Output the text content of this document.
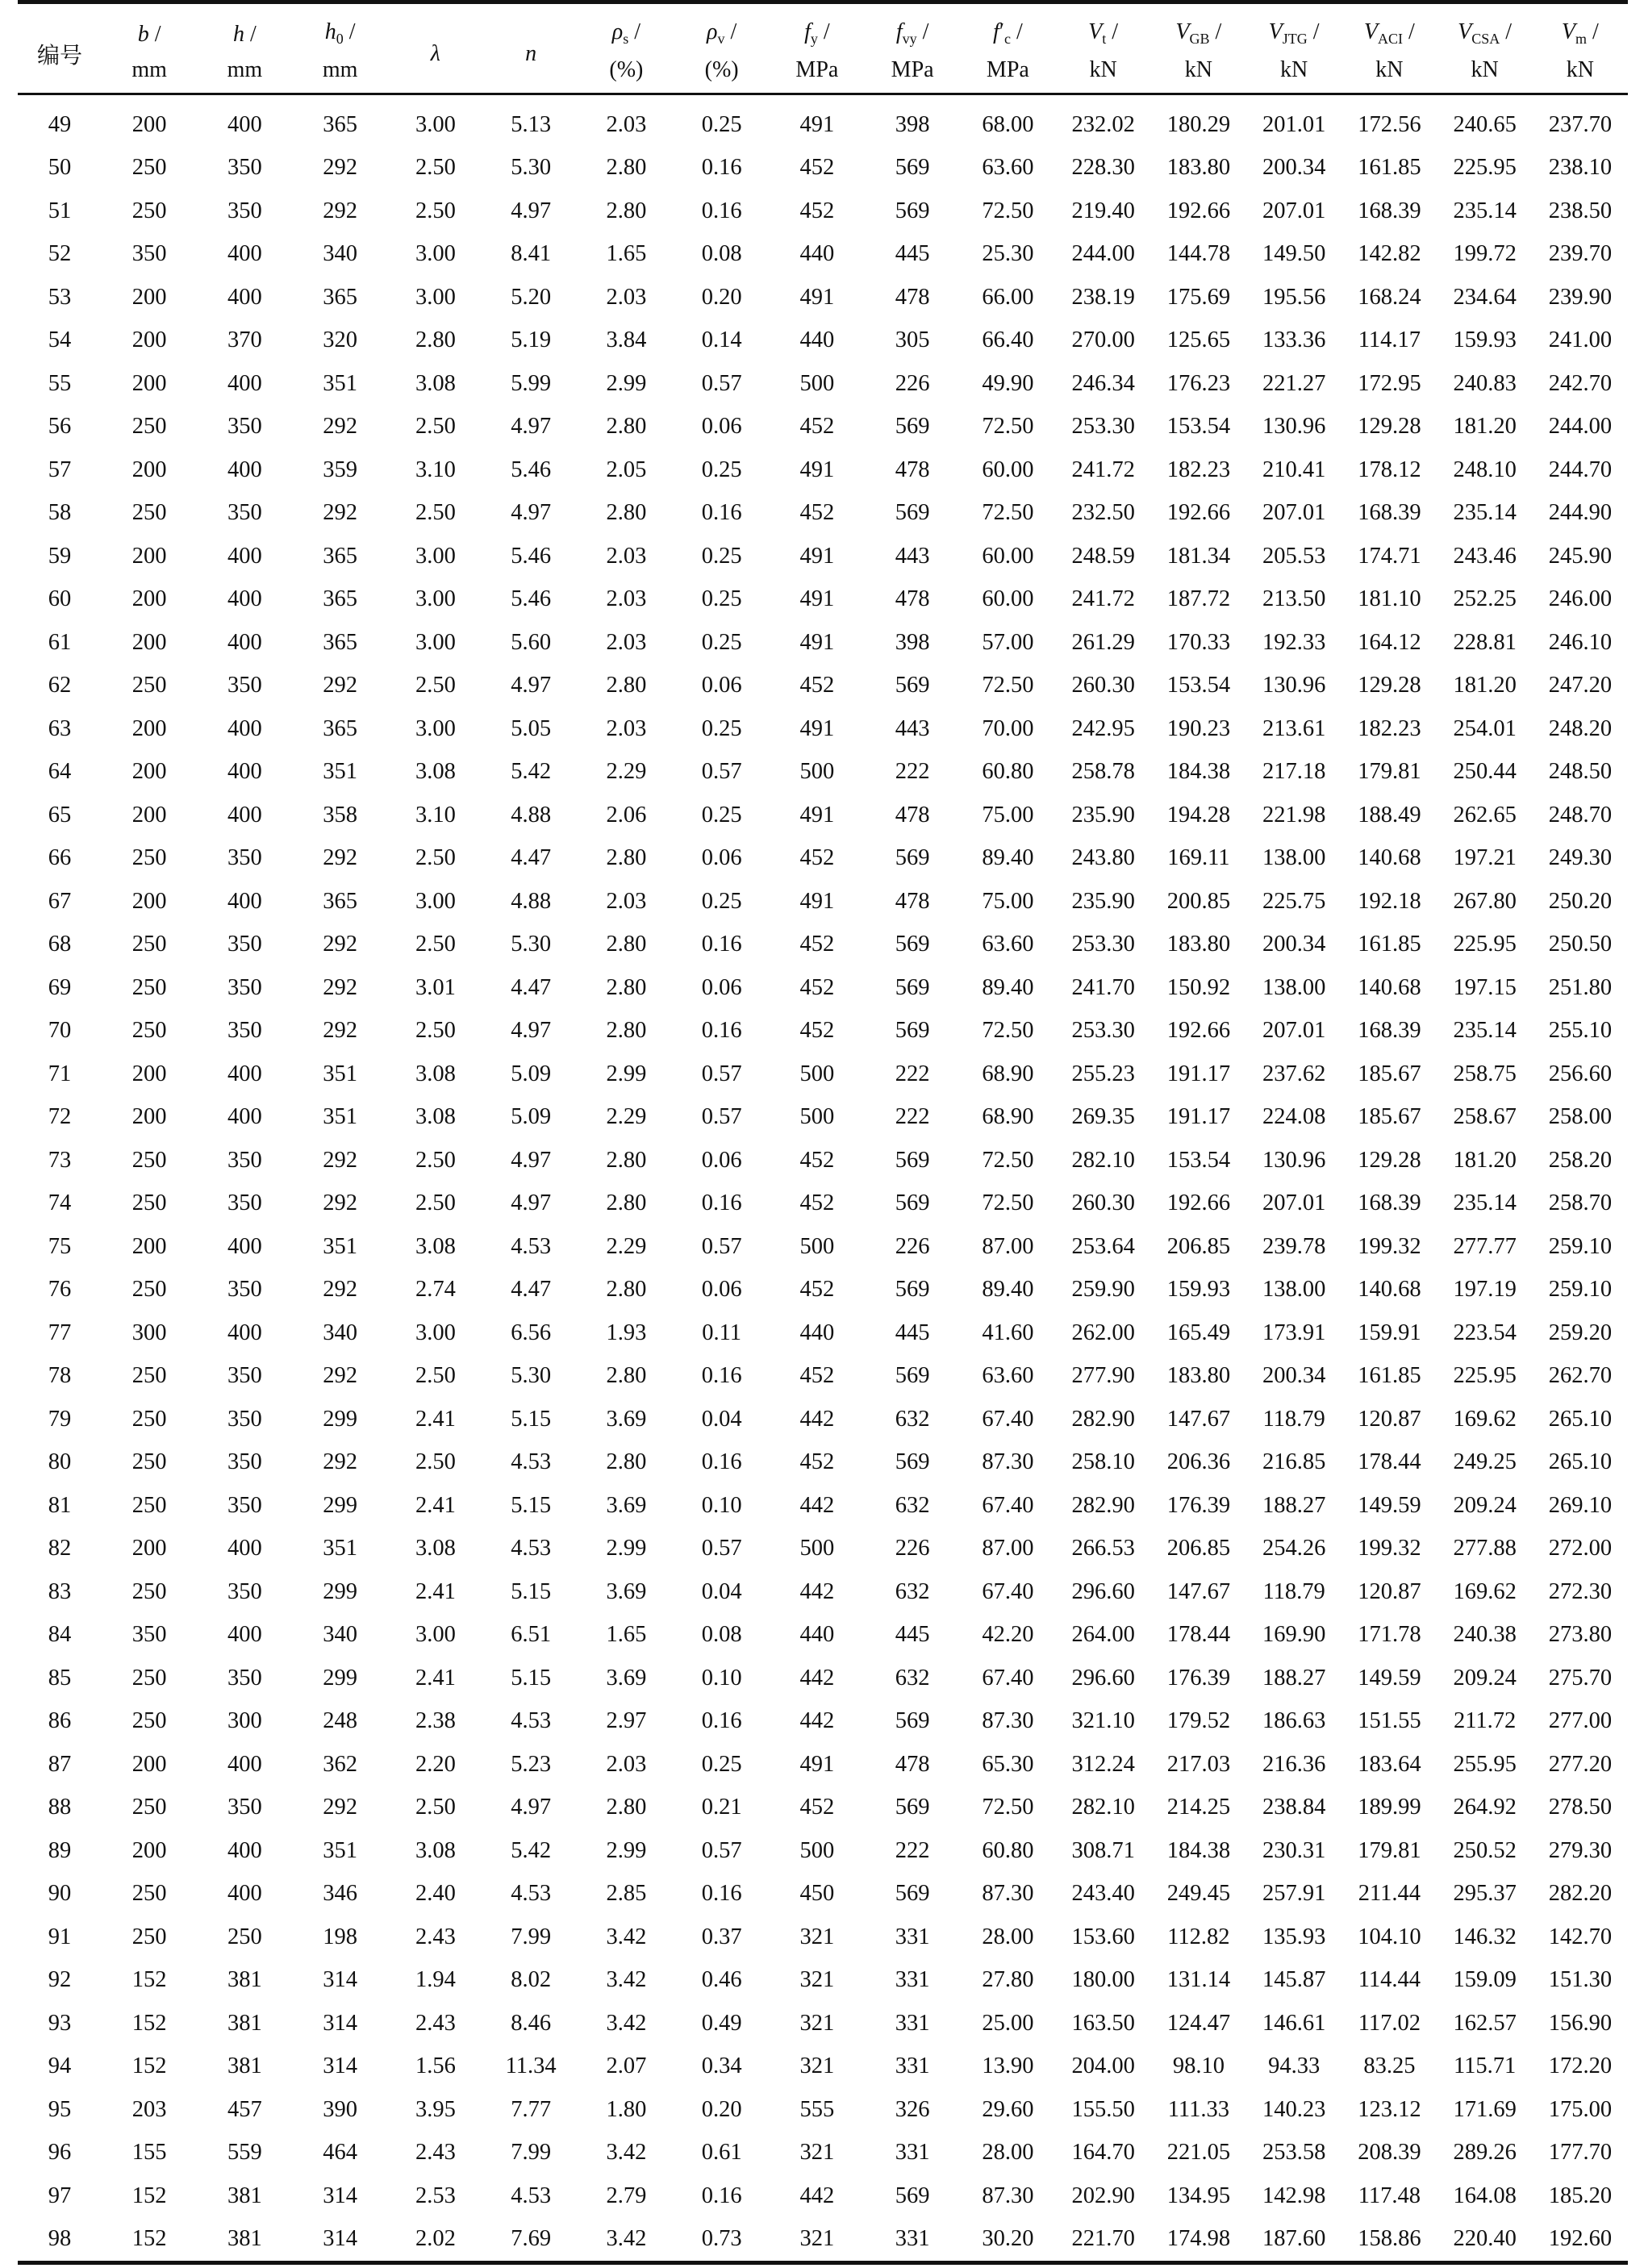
编号	b /	h /	$h_0$ /	λ	n	$\rho_s$ /	$\rho_v$ /	$f_y$ /	$f_{vy}$ /	$f'_c$ /	$V_t$ /	$V_{GB}$ /	$V_{JTG}$ /	$V_{ACI}$ /	$V_{CSA}$ /	$V_m$ /
	mm	mm	mm			(%)	(%)	MPa	MPa	MPa	kN	kN	kN	kN	kN	kN
49	200	400	365	3.00	5.13	2.03	0.25	491	398	68.00	232.02	180.29	201.01	172.56	240.65	237.70
50	250	350	292	2.50	5.30	2.80	0.16	452	569	63.60	228.30	183.80	200.34	161.85	225.95	238.10
51	250	350	292	2.50	4.97	2.80	0.16	452	569	72.50	219.40	192.66	207.01	168.39	235.14	238.50
52	350	400	340	3.00	8.41	1.65	0.08	440	445	25.30	244.00	144.78	149.50	142.82	199.72	239.70
53	200	400	365	3.00	5.20	2.03	0.20	491	478	66.00	238.19	175.69	195.56	168.24	234.64	239.90
54	200	370	320	2.80	5.19	3.84	0.14	440	305	66.40	270.00	125.65	133.36	114.17	159.93	241.00
55	200	400	351	3.08	5.99	2.99	0.57	500	226	49.90	246.34	176.23	221.27	172.95	240.83	242.70
56	250	350	292	2.50	4.97	2.80	0.06	452	569	72.50	253.30	153.54	130.96	129.28	181.20	244.00
57	200	400	359	3.10	5.46	2.05	0.25	491	478	60.00	241.72	182.23	210.41	178.12	248.10	244.70
58	250	350	292	2.50	4.97	2.80	0.16	452	569	72.50	232.50	192.66	207.01	168.39	235.14	244.90
59	200	400	365	3.00	5.46	2.03	0.25	491	443	60.00	248.59	181.34	205.53	174.71	243.46	245.90
60	200	400	365	3.00	5.46	2.03	0.25	491	478	60.00	241.72	187.72	213.50	181.10	252.25	246.00
61	200	400	365	3.00	5.60	2.03	0.25	491	398	57.00	261.29	170.33	192.33	164.12	228.81	246.10
62	250	350	292	2.50	4.97	2.80	0.06	452	569	72.50	260.30	153.54	130.96	129.28	181.20	247.20
63	200	400	365	3.00	5.05	2.03	0.25	491	443	70.00	242.95	190.23	213.61	182.23	254.01	248.20
64	200	400	351	3.08	5.42	2.29	0.57	500	222	60.80	258.78	184.38	217.18	179.81	250.44	248.50
65	200	400	358	3.10	4.88	2.06	0.25	491	478	75.00	235.90	194.28	221.98	188.49	262.65	248.70
66	250	350	292	2.50	4.47	2.80	0.06	452	569	89.40	243.80	169.11	138.00	140.68	197.21	249.30
67	200	400	365	3.00	4.88	2.03	0.25	491	478	75.00	235.90	200.85	225.75	192.18	267.80	250.20
68	250	350	292	2.50	5.30	2.80	0.16	452	569	63.60	253.30	183.80	200.34	161.85	225.95	250.50
69	250	350	292	3.01	4.47	2.80	0.06	452	569	89.40	241.70	150.92	138.00	140.68	197.15	251.80
70	250	350	292	2.50	4.97	2.80	0.16	452	569	72.50	253.30	192.66	207.01	168.39	235.14	255.10
71	200	400	351	3.08	5.09	2.99	0.57	500	222	68.90	255.23	191.17	237.62	185.67	258.75	256.60
72	200	400	351	3.08	5.09	2.29	0.57	500	222	68.90	269.35	191.17	224.08	185.67	258.67	258.00
73	250	350	292	2.50	4.97	2.80	0.06	452	569	72.50	282.10	153.54	130.96	129.28	181.20	258.20
74	250	350	292	2.50	4.97	2.80	0.16	452	569	72.50	260.30	192.66	207.01	168.39	235.14	258.70
75	200	400	351	3.08	4.53	2.29	0.57	500	226	87.00	253.64	206.85	239.78	199.32	277.77	259.10
76	250	350	292	2.74	4.47	2.80	0.06	452	569	89.40	259.90	159.93	138.00	140.68	197.19	259.10
77	300	400	340	3.00	6.56	1.93	0.11	440	445	41.60	262.00	165.49	173.91	159.91	223.54	259.20
78	250	350	292	2.50	5.30	2.80	0.16	452	569	63.60	277.90	183.80	200.34	161.85	225.95	262.70
79	250	350	299	2.41	5.15	3.69	0.04	442	632	67.40	282.90	147.67	118.79	120.87	169.62	265.10
80	250	350	292	2.50	4.53	2.80	0.16	452	569	87.30	258.10	206.36	216.85	178.44	249.25	265.10
81	250	350	299	2.41	5.15	3.69	0.10	442	632	67.40	282.90	176.39	188.27	149.59	209.24	269.10
82	200	400	351	3.08	4.53	2.99	0.57	500	226	87.00	266.53	206.85	254.26	199.32	277.88	272.00
83	250	350	299	2.41	5.15	3.69	0.04	442	632	67.40	296.60	147.67	118.79	120.87	169.62	272.30
84	350	400	340	3.00	6.51	1.65	0.08	440	445	42.20	264.00	178.44	169.90	171.78	240.38	273.80
85	250	350	299	2.41	5.15	3.69	0.10	442	632	67.40	296.60	176.39	188.27	149.59	209.24	275.70
86	250	300	248	2.38	4.53	2.97	0.16	442	569	87.30	321.10	179.52	186.63	151.55	211.72	277.00
87	200	400	362	2.20	5.23	2.03	0.25	491	478	65.30	312.24	217.03	216.36	183.64	255.95	277.20
88	250	350	292	2.50	4.97	2.80	0.21	452	569	72.50	282.10	214.25	238.84	189.99	264.92	278.50
89	200	400	351	3.08	5.42	2.99	0.57	500	222	60.80	308.71	184.38	230.31	179.81	250.52	279.30
90	250	400	346	2.40	4.53	2.85	0.16	450	569	87.30	243.40	249.45	257.91	211.44	295.37	282.20
91	250	250	198	2.43	7.99	3.42	0.37	321	331	28.00	153.60	112.82	135.93	104.10	146.32	142.70
92	152	381	314	1.94	8.02	3.42	0.46	321	331	27.80	180.00	131.14	145.87	114.44	159.09	151.30
93	152	381	314	2.43	8.46	3.42	0.49	321	331	25.00	163.50	124.47	146.61	117.02	162.57	156.90
94	152	381	314	1.56	11.34	2.07	0.34	321	331	13.90	204.00	98.10	94.33	83.25	115.71	172.20
95	203	457	390	3.95	7.77	1.80	0.20	555	326	29.60	155.50	111.33	140.23	123.12	171.69	175.00
96	155	559	464	2.43	7.99	3.42	0.61	321	331	28.00	164.70	221.05	253.58	208.39	289.26	177.70
97	152	381	314	2.53	4.53	2.79	0.16	442	569	87.30	202.90	134.95	142.98	117.48	164.08	185.20
98	152	381	314	2.02	7.69	3.42	0.73	321	331	30.20	221.70	174.98	187.60	158.86	220.40	192.60
